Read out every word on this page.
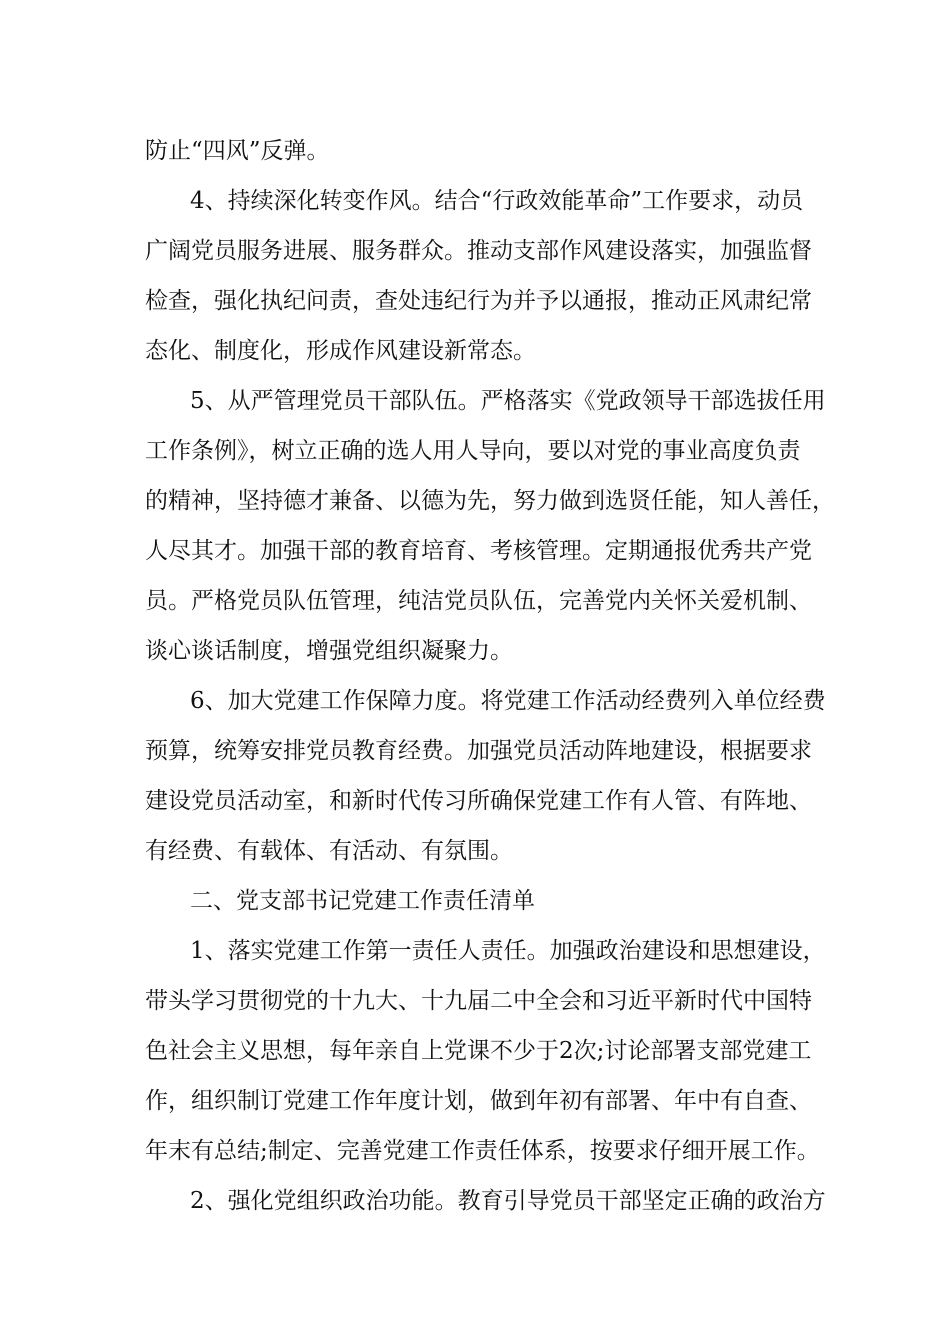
防止“四风”反弹。

4、持续深化转变作风。结合“行政效能革命”工作要求，动员

广阔党员服务进展、服务群众。推动支部作风建设落实，加强监督

检查，强化执纪问责，查处违纪行为并予以通报，推动正风肃纪常

态化、制度化，形成作风建设新常态。

5、从严管理党员干部队伍。严格落实《党政领导干部选拔任用

工作条例》，树立正确的选人用人导向，要以对党的事业高度负责

的精神，坚持德才兼备、以德为先，努力做到选贤任能，知人善任，

人尽其才。加强干部的教育培育、考核管理。定期通报优秀共产党

员。严格党员队伍管理，纯洁党员队伍，完善党内关怀关爱机制、

谈心谈话制度，增强党组织凝聚力。

6、加大党建工作保障力度。将党建工作活动经费列入单位经费

预算，统筹安排党员教育经费。加强党员活动阵地建设，根据要求

建设党员活动室，和新时代传习所确保党建工作有人管、有阵地、

有经费、有载体、有活动、有氛围。

二、党支部书记党建工作责任清单

1、落实党建工作第一责任人责任。加强政治建设和思想建设，

带头学习贯彻党的十九大、十九届二中全会和习近平新时代中国特

色社会主义思想，每年亲自上党课不少于2次;讨论部署支部党建工

作，组织制订党建工作年度计划，做到年初有部署、年中有自查、

年末有总结;制定、完善党建工作责任体系，按要求仔细开展工作。

2、强化党组织政治功能。教育引导党员干部坚定正确的政治方
